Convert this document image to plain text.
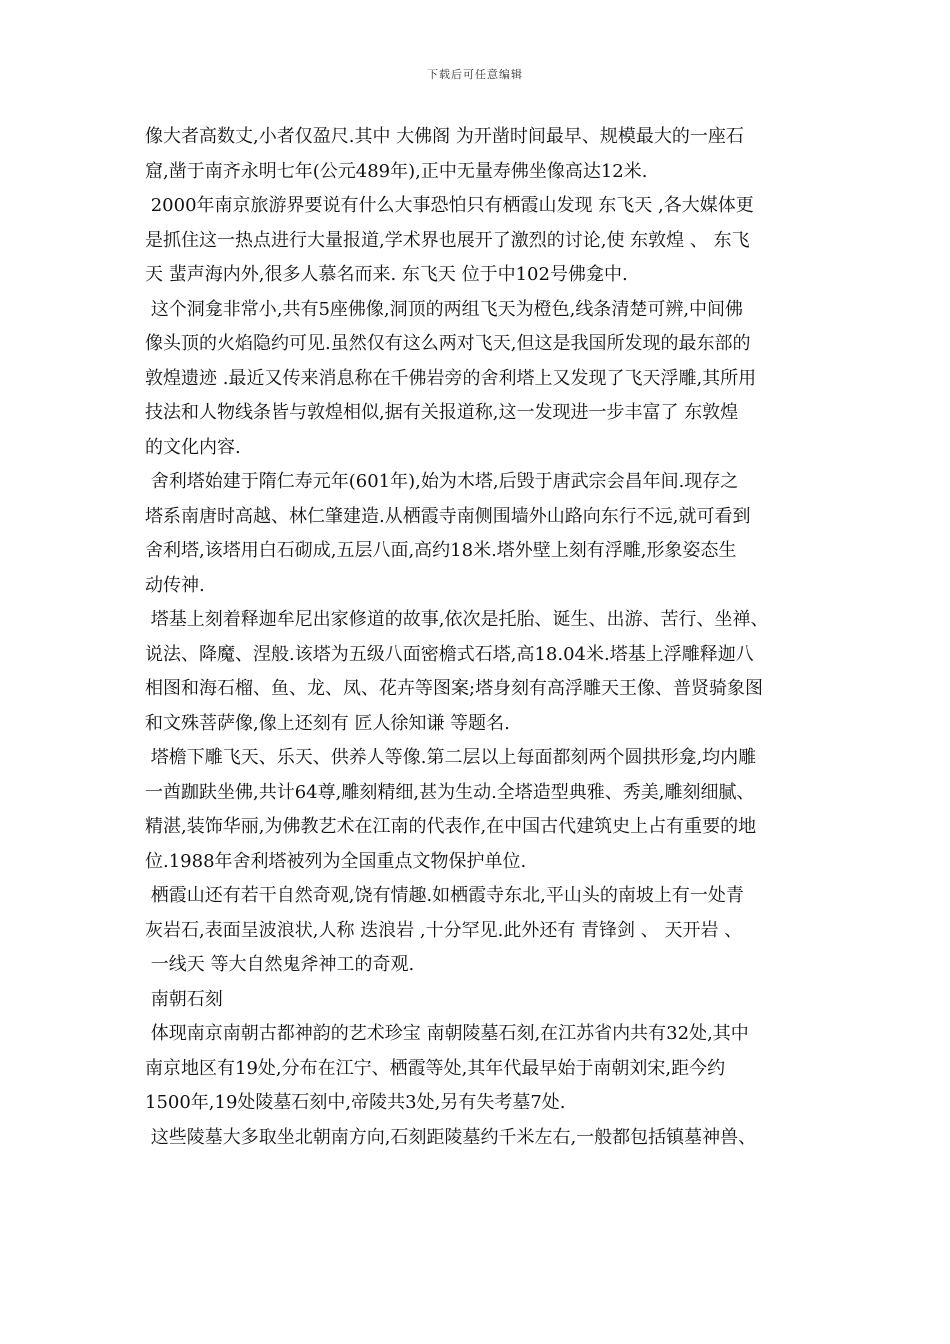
下载后可任意编辑
像大者高数丈,小者仅盈尺.其中 大佛阁 为开凿时间最早、规模最大的一座石
窟,凿于南齐永明七年(公元489年),正中无量寿佛坐像高达12米.
2000年南京旅游界要说有什么大事恐怕只有栖霞山发现 东飞天 ,各大媒体更
是抓住这一热点进行大量报道,学术界也展开了激烈的讨论,使 东敦煌 、 东飞
天 蜚声海内外,很多人慕名而来. 东飞天 位于中102号佛龛中.
这个洞龛非常小,共有5座佛像,洞顶的两组飞天为橙色,线条清楚可辨,中间佛
像头顶的火焰隐约可见.虽然仅有这么两对飞天,但这是我国所发现的最东部的
敦煌遗迹 .最近又传来消息称在千佛岩旁的舍利塔上又发现了飞天浮雕,其所用
技法和人物线条皆与敦煌相似,据有关报道称,这一发现进一步丰富了 东敦煌
的文化内容.
舍利塔始建于隋仁寿元年(601年),始为木塔,后毁于唐武宗会昌年间.现存之
塔系南唐时高越、林仁肇建造.从栖霞寺南侧围墙外山路向东行不远,就可看到
舍利塔,该塔用白石砌成,五层八面,高约18米.塔外壁上刻有浮雕,形象姿态生
动传神.
塔基上刻着释迦牟尼出家修道的故事,依次是托胎、诞生、出游、苦行、坐禅、
说法、降魔、涅般.该塔为五级八面密檐式石塔,高18.04米.塔基上浮雕释迦八
相图和海石榴、鱼、龙、凤、花卉等图案;塔身刻有高浮雕天王像、普贤骑象图
和文殊菩萨像,像上还刻有 匠人徐知谦 等题名.
塔檐下雕飞天、乐天、供养人等像.第二层以上每面都刻两个圆拱形龛,均内雕
一酋跏趺坐佛,共计64尊,雕刻精细,甚为生动.全塔造型典雅、秀美,雕刻细腻、
精湛,装饰华丽,为佛教艺术在江南的代表作,在中国古代建筑史上占有重要的地
位.1988年舍利塔被列为全国重点文物保护单位.
栖霞山还有若干自然奇观,饶有情趣.如栖霞寺东北,平山头的南坡上有一处青
灰岩石,表面呈波浪状,人称 迭浪岩 ,十分罕见.此外还有 青锋剑 、 天开岩 、
一线天 等大自然鬼斧神工的奇观.
南朝石刻
体现南京南朝古都神韵的艺术珍宝 南朝陵墓石刻,在江苏省内共有32处,其中
南京地区有19处,分布在江宁、栖霞等处,其年代最早始于南朝刘宋,距今约
1500年,19处陵墓石刻中,帝陵共3处,另有失考墓7处.
这些陵墓大多取坐北朝南方向,石刻距陵墓约千米左右,一般都包括镇墓神兽、
